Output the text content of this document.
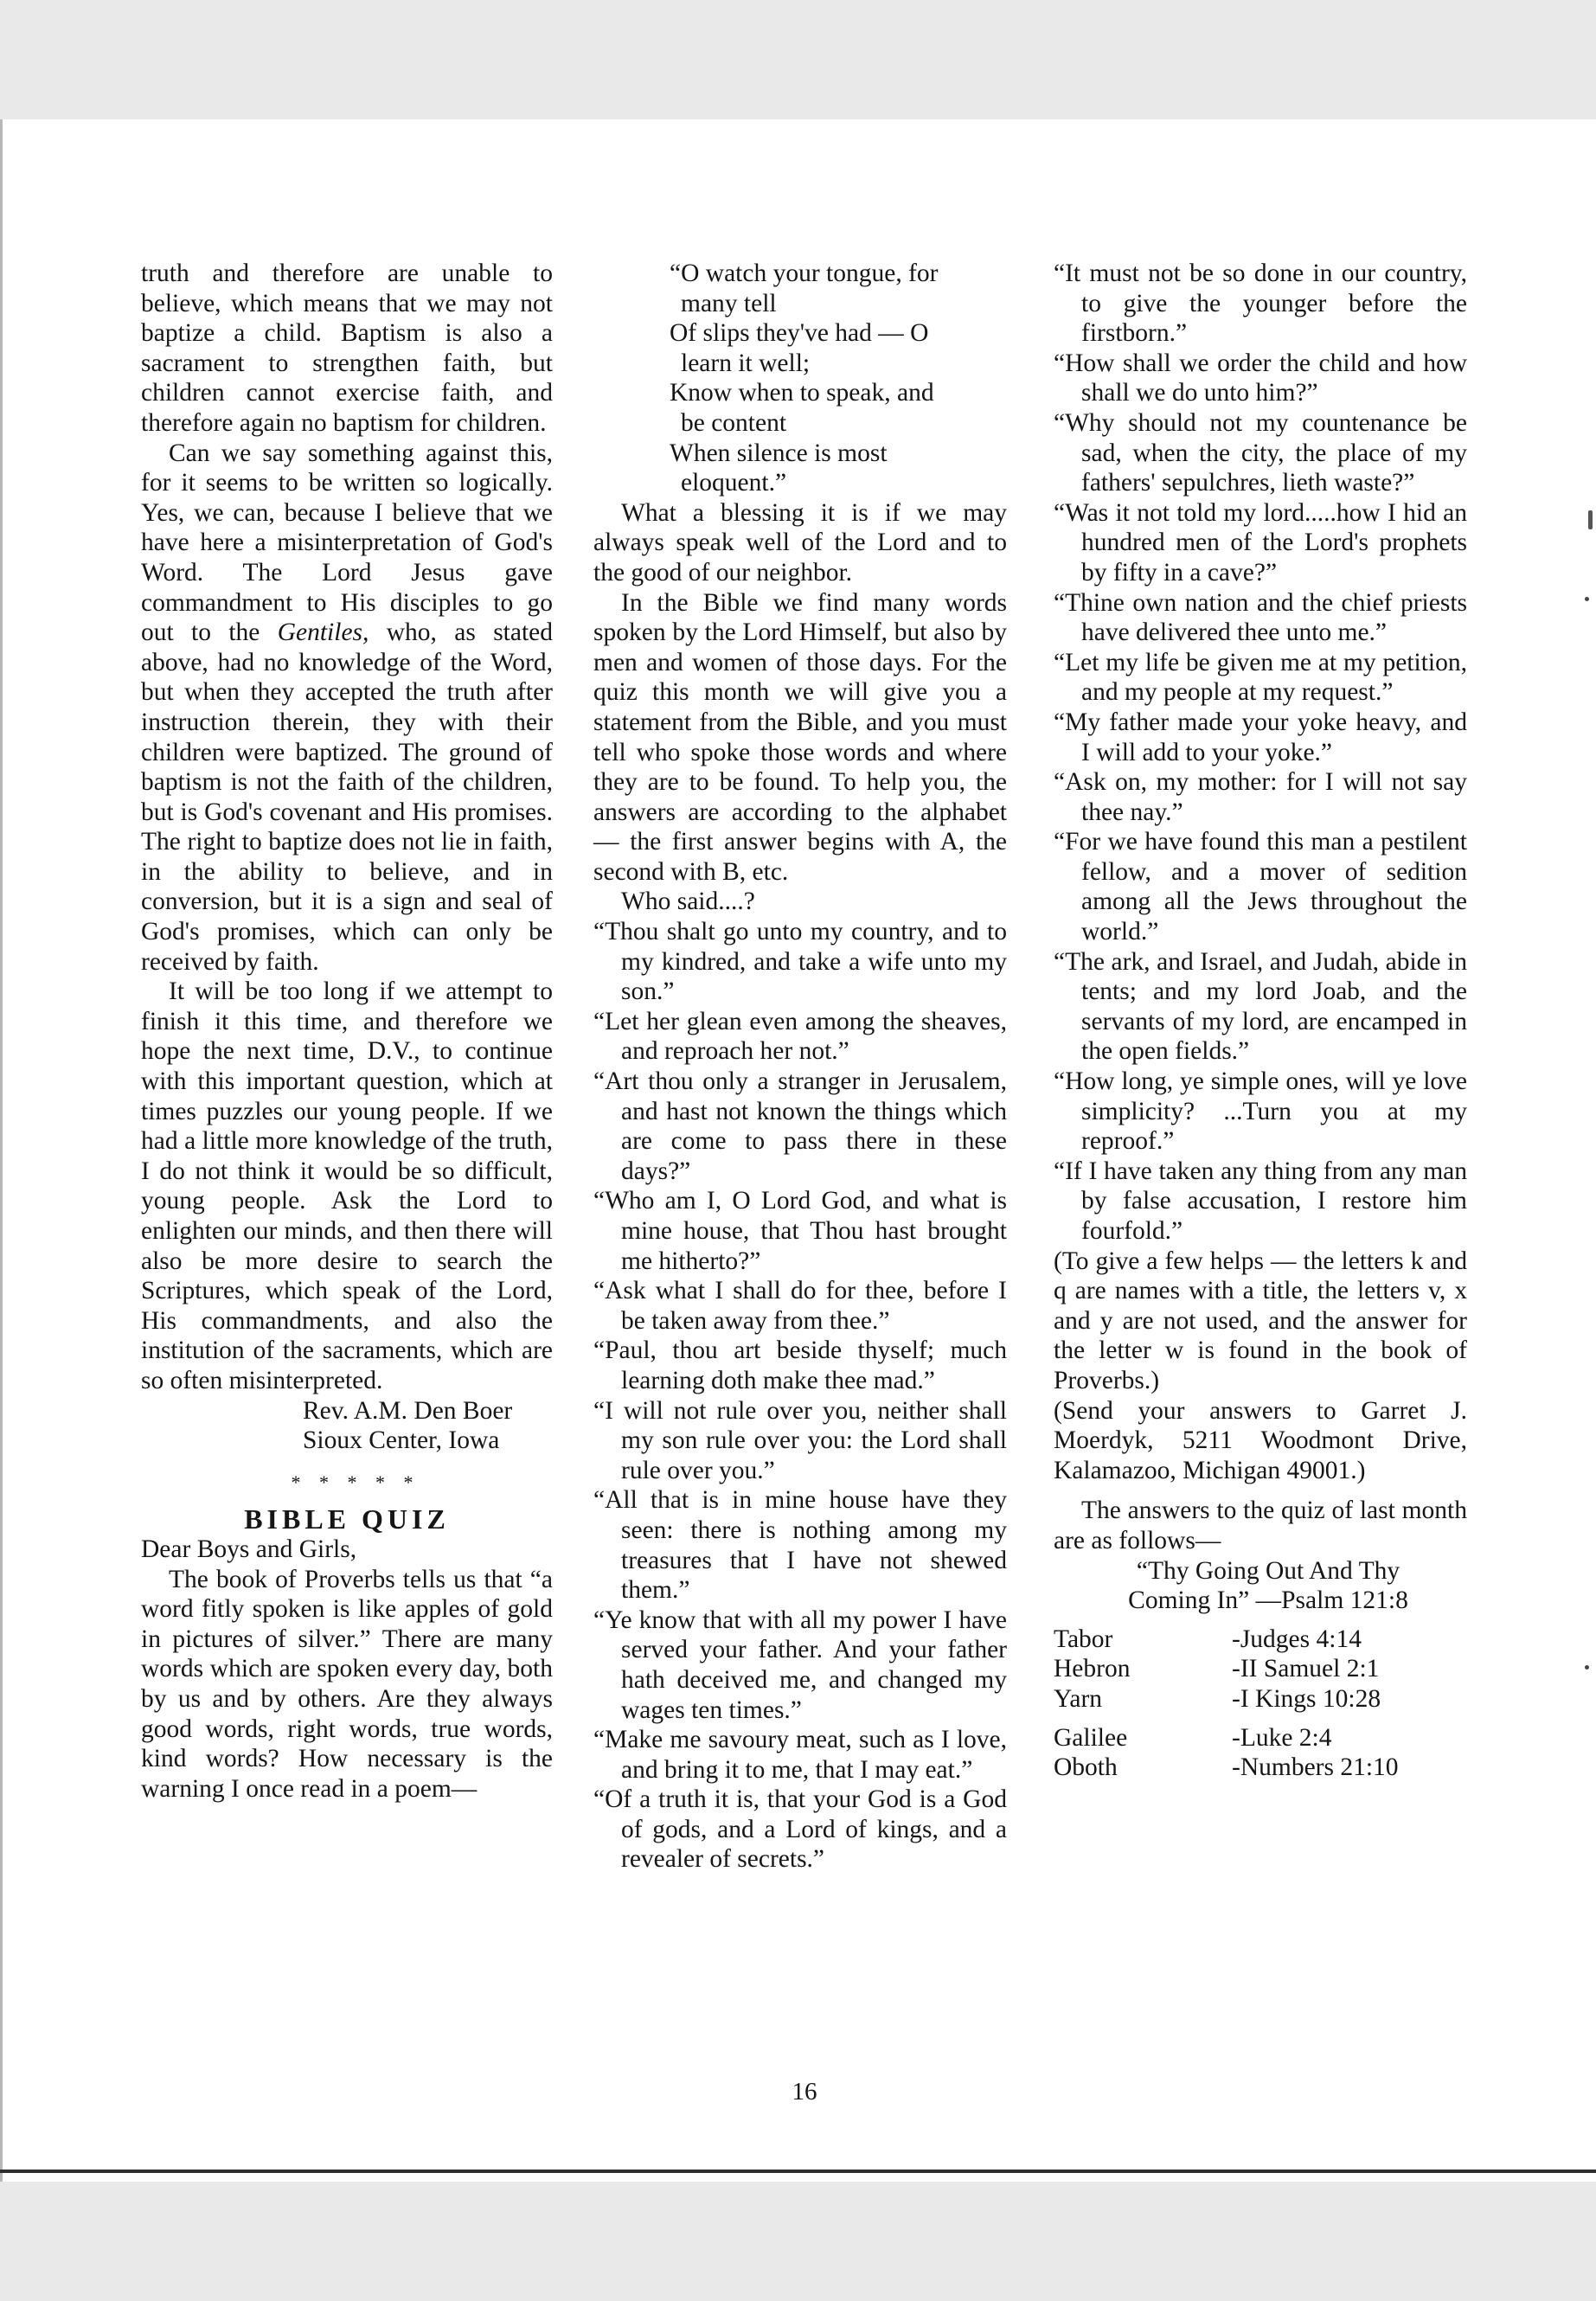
truth and therefore are unable to believe, which means that we may not baptize a child. Baptism is also a sacrament to strengthen faith, but children cannot exercise faith, and therefore again no baptism for children.

Can we say something against this, for it seems to be written so logically. Yes, we can, because I believe that we have here a misinterpretation of God's Word. The Lord Jesus gave commandment to His disciples to go out to the Gentiles, who, as stated above, had no knowledge of the Word, but when they accepted the truth after instruction therein, they with their children were baptized. The ground of baptism is not the faith of the children, but is God's covenant and His promises. The right to baptize does not lie in faith, in the ability to believe, and in conversion, but it is a sign and seal of God's promises, which can only be received by faith.

It will be too long if we attempt to finish it this time, and therefore we hope the next time, D.V., to continue with this important question, which at times puzzles our young people. If we had a little more knowledge of the truth, I do not think it would be so difficult, young people. Ask the Lord to enlighten our minds, and then there will also be more desire to search the Scriptures, which speak of the Lord, His commandments, and also the institution of the sacraments, which are so often misinterpreted.

Rev. A.M. Den Boer

Sioux Center, Iowa

* * * * *

BIBLE QUIZ

Dear Boys and Girls,

The book of Proverbs tells us that “a word fitly spoken is like apples of gold in pictures of silver.” There are many words which are spoken every day, both by us and by others. Are they always good words, right words, true words, kind words? How necessary is the warning I once read in a poem—

“O watch your tongue, for

many tell

Of slips they've had — O

learn it well;

Know when to speak, and

be content

When silence is most

eloquent.”

What a blessing it is if we may always speak well of the Lord and to the good of our neighbor.

In the Bible we find many words spoken by the Lord Himself, but also by men and women of those days. For the quiz this month we will give you a statement from the Bible, and you must tell who spoke those words and where they are to be found. To help you, the answers are according to the alphabet — the first answer begins with A, the second with B, etc.

Who said....?

“Thou shalt go unto my country, and to my kindred, and take a wife unto my son.”

“Let her glean even among the sheaves, and reproach her not.”

“Art thou only a stranger in Jerusalem, and hast not known the things which are come to pass there in these days?”

“Who am I, O Lord God, and what is mine house, that Thou hast brought me hitherto?”

“Ask what I shall do for thee, before I be taken away from thee.”

“Paul, thou art beside thyself; much learning doth make thee mad.”

“I will not rule over you, neither shall my son rule over you: the Lord shall rule over you.”

“All that is in mine house have they seen: there is nothing among my treasures that I have not shewed them.”

“Ye know that with all my power I have served your father. And your father hath deceived me, and changed my wages ten times.”

“Make me savoury meat, such as I love, and bring it to me, that I may eat.”

“Of a truth it is, that your God is a God of gods, and a Lord of kings, and a revealer of secrets.”

“It must not be so done in our country, to give the younger before the firstborn.”

“How shall we order the child and how shall we do unto him?”

“Why should not my countenance be sad, when the city, the place of my fathers' sepulchres, lieth waste?”

“Was it not told my lord.....how I hid an hundred men of the Lord's prophets by fifty in a cave?”

“Thine own nation and the chief priests have delivered thee unto me.”

“Let my life be given me at my petition, and my people at my request.”

“My father made your yoke heavy, and I will add to your yoke.”

“Ask on, my mother: for I will not say thee nay.”

“For we have found this man a pestilent fellow, and a mover of sedition among all the Jews throughout the world.”

“The ark, and Israel, and Judah, abide in tents; and my lord Joab, and the servants of my lord, are encamped in the open fields.”

“How long, ye simple ones, will ye love simplicity? ...Turn you at my reproof.”

“If I have taken any thing from any man by false accusation, I restore him fourfold.”

(To give a few helps — the letters k and q are names with a title, the letters v, x and y are not used, and the answer for the letter w is found in the book of Proverbs.)

(Send your answers to Garret J. Moerdyk, 5211 Woodmont Drive, Kalamazoo, Michigan 49001.)

The answers to the quiz of last month are as follows—

“Thy Going Out And Thy

Coming In” —Psalm 121:8

Tabor	-Judges 4:14
Hebron	-II Samuel 2:1
Yarn	-I Kings 10:28
Galilee	-Luke 2:4
Oboth	-Numbers 21:10
16
